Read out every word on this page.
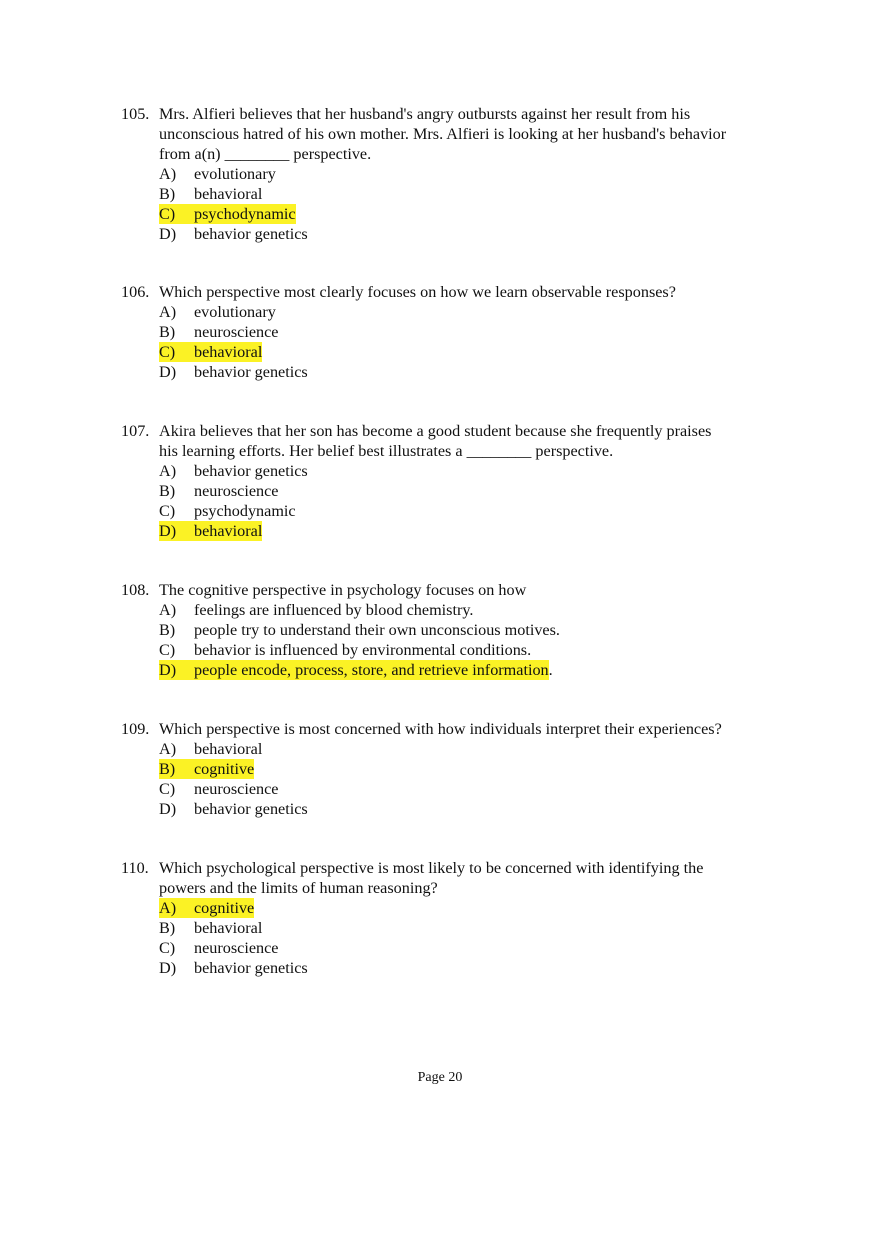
105. Mrs. Alfieri believes that her husband's angry outbursts against her result from his
unconscious hatred of his own mother. Mrs. Alfieri is looking at her husband's behavior
from a(n) ________ perspective.
A) evolutionary
B) behavioral
C) psychodynamic
D) behavior genetics
106. Which perspective most clearly focuses on how we learn observable responses?
A) evolutionary
B) neuroscience
C) behavioral
D) behavior genetics
107. Akira believes that her son has become a good student because she frequently praises
his learning efforts. Her belief best illustrates a ________ perspective.
A) behavior genetics
B) neuroscience
C) psychodynamic
D) behavioral
108. The cognitive perspective in psychology focuses on how
A) feelings are influenced by blood chemistry.
B) people try to understand their own unconscious motives.
C) behavior is influenced by environmental conditions.
D) people encode, process, store, and retrieve information.
109. Which perspective is most concerned with how individuals interpret their experiences?
A) behavioral
B) cognitive
C) neuroscience
D) behavior genetics
110. Which psychological perspective is most likely to be concerned with identifying the
powers and the limits of human reasoning?
A) cognitive
B) behavioral
C) neuroscience
D) behavior genetics
Page 20
